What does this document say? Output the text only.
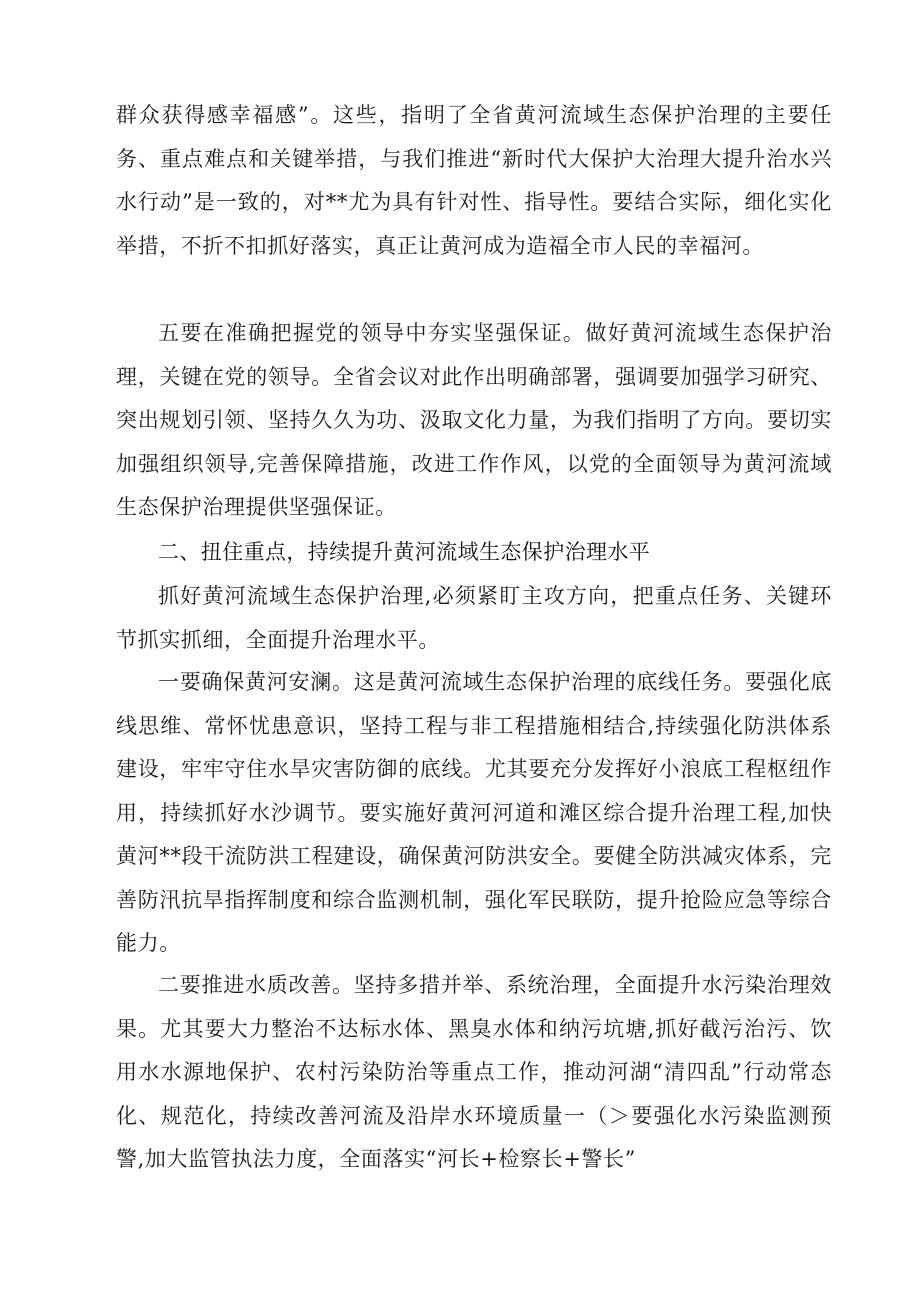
群众获得感幸福感”。这些，指明了全省黄河流域生态保护治理的主要任务、重点难点和关键举措，与我们推进“新时代大保护大治理大提升治水兴水行动”是一致的，对**尤为具有针对性、指导性。要结合实际，细化实化举措，不折不扣抓好落实，真正让黄河成为造福全市人民的幸福河。

五要在准确把握党的领导中夯实坚强保证。做好黄河流域生态保护治理，关键在党的领导。全省会议对此作出明确部署，强调要加强学习研究、突出规划引领、坚持久久为功、汲取文化力量，为我们指明了方向。要切实加强组织领导,完善保障措施，改进工作作风，以党的全面领导为黄河流域生态保护治理提供坚强保证。

二、扭住重点，持续提升黄河流域生态保护治理水平

抓好黄河流域生态保护治理,必须紧盯主攻方向，把重点任务、关键环节抓实抓细，全面提升治理水平。

一要确保黄河安澜。这是黄河流域生态保护治理的底线任务。要强化底线思维、常怀忧患意识，坚持工程与非工程措施相结合,持续强化防洪体系建设，牢牢守住水旱灾害防御的底线。尤其要充分发挥好小浪底工程枢纽作用，持续抓好水沙调节。要实施好黄河河道和滩区综合提升治理工程,加快黄河**段干流防洪工程建设，确保黄河防洪安全。要健全防洪减灾体系，完善防汛抗旱指挥制度和综合监测机制，强化军民联防，提升抢险应急等综合能力。

二要推进水质改善。坚持多措并举、系统治理，全面提升水污染治理效果。尤其要大力整治不达标水体、黑臭水体和纳污坑塘,抓好截污治污、饮用水水源地保护、农村污染防治等重点工作，推动河湖“清四乱”行动常态化、规范化，持续改善河流及沿岸水环境质量一（＞要强化水污染监测预警,加大监管执法力度，全面落实“河长+检察长+警长”
